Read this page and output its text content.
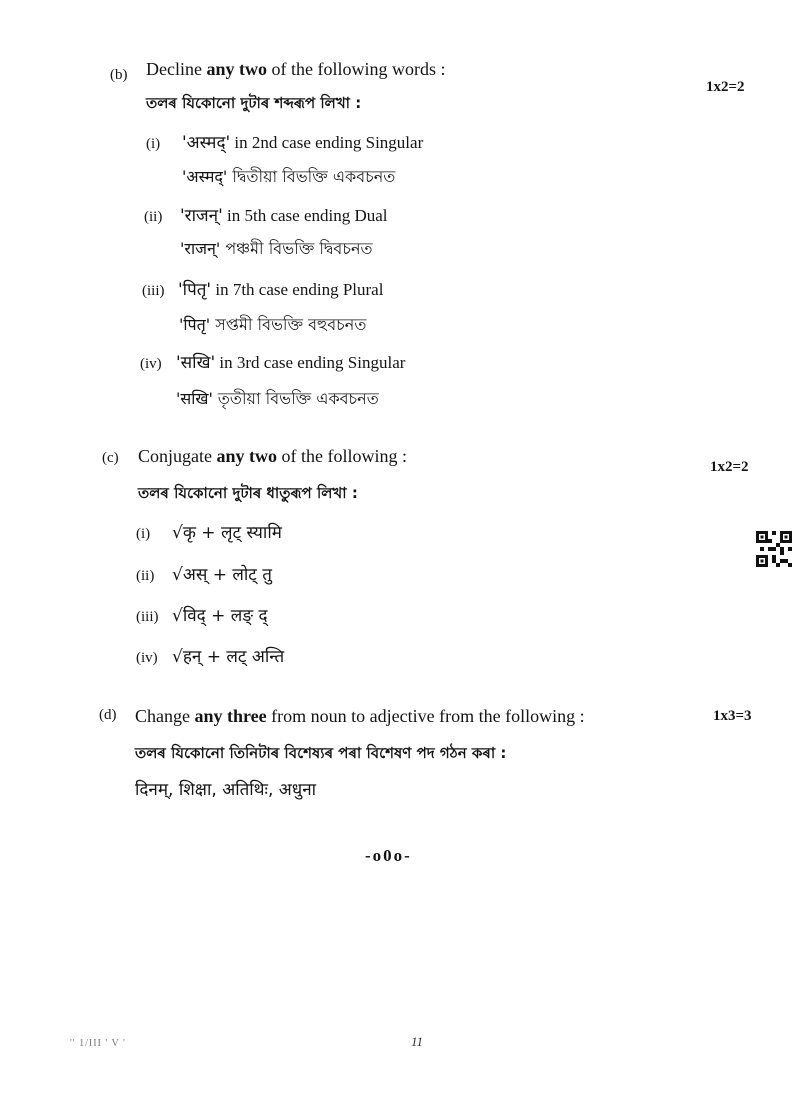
(b) Decline any two of the following words :
তলৰ যিকোনো দুটাৰ শব্দৰূপ লিখা :
1x2=2
(i) 'अस्मद्' in 2nd case ending Singular
'अस्मद्' দ্বিতীয়া বিভক্তি একবচনত
(ii) 'राजन्' in 5th case ending Dual
'राजन्' পঞ্চমী বিভক্তি দ্বিবচনত
(iii) 'पितृ' in 7th case ending Plural
'पितृ' সপ্তমী বিভক্তি বহুবচনত
(iv) 'सखि' in 3rd case ending Singular
'सखि' তৃতীয়া বিভক্তি একবচনত
(c) Conjugate any two of the following :
তলৰ যিকোনো দুটাৰ ধাতুৰূপ লিখা :
1x2=2
(i) √कृ + लृट् स्यामि
(ii) √अस् + लोट् तु
(iii) √विद् + लङ् द्
(iv) √हन् + लट् अन्ति
(d) Change any three from noun to adjective from the following :	1x3=3
তলৰ যিকোনো তিনিটাৰ বিশেষ্যৰ পৰা বিশেষণ পদ গঠন কৰা :
दिनम्, शिक्षा, अतिथिः, अधुना
-o0o-
'' 1/III ' V '	11
